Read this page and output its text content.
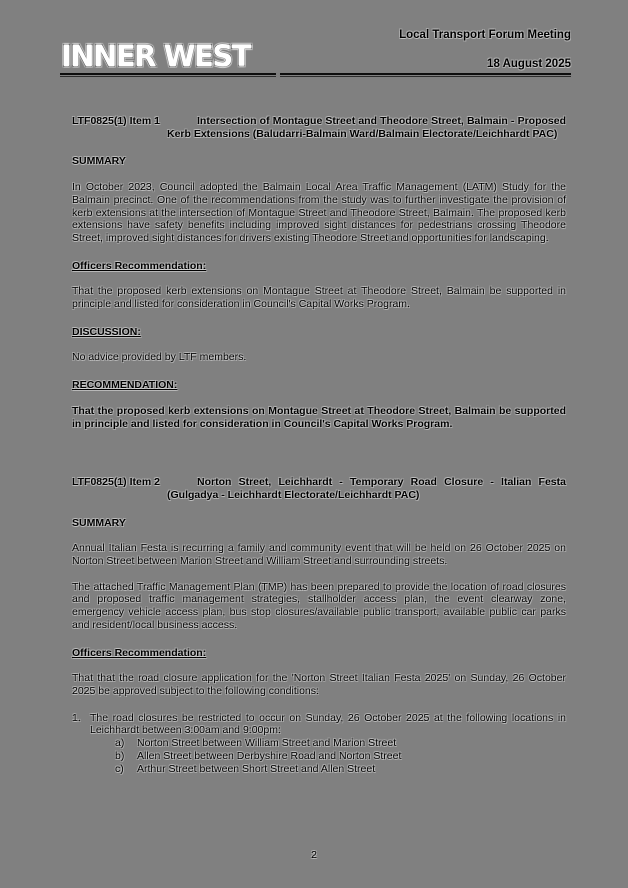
INNER WEST
Local Transport Forum Meeting
18 August 2025
LTF0825(1) Item 1	Intersection of Montague Street and Theodore Street, Balmain - Proposed Kerb Extensions (Baludarri-Balmain Ward/Balmain Electorate/Leichhardt PAC)
SUMMARY
In October 2023, Council adopted the Balmain Local Area Traffic Management (LATM) Study for the Balmain precinct. One of the recommendations from the study was to further investigate the provision of kerb extensions at the intersection of Montague Street and Theodore Street, Balmain. The proposed kerb extensions have safety benefits including improved sight distances for pedestrians crossing Theodore Street, improved sight distances for drivers existing Theodore Street and opportunities for landscaping.
Officers Recommendation:
That the proposed kerb extensions on Montague Street at Theodore Street, Balmain be supported in principle and listed for consideration in Council's Capital Works Program.
DISCUSSION:
No advice provided by LTF members.
RECOMMENDATION:
That the proposed kerb extensions on Montague Street at Theodore Street, Balmain be supported in principle and listed for consideration in Council's Capital Works Program.
LTF0825(1) Item 2	Norton Street, Leichhardt - Temporary Road Closure - Italian Festa (Gulgadya - Leichhardt Electorate/Leichhardt PAC)
SUMMARY
Annual Italian Festa is recurring a family and community event that will be held on 26 October 2025 on Norton Street between Marion Street and William Street and surrounding streets.
The attached Traffic Management Plan (TMP) has been prepared to provide the location of road closures and proposed traffic management strategies, stallholder access plan, the event clearway zone, emergency vehicle access plan, bus stop closures/available public transport, available public car parks and resident/local business access.
Officers Recommendation:
That that the road closure application for the 'Norton Street Italian Festa 2025' on Sunday, 26 October 2025 be approved subject to the following conditions:
1. The road closures be restricted to occur on Sunday, 26 October 2025 at the following locations in Leichhardt between 3:00am and 9:00pm:
a) Norton Street between William Street and Marion Street
b) Allen Street between Derbyshire Road and Norton Street
c) Arthur Street between Short Street and Allen Street
2
